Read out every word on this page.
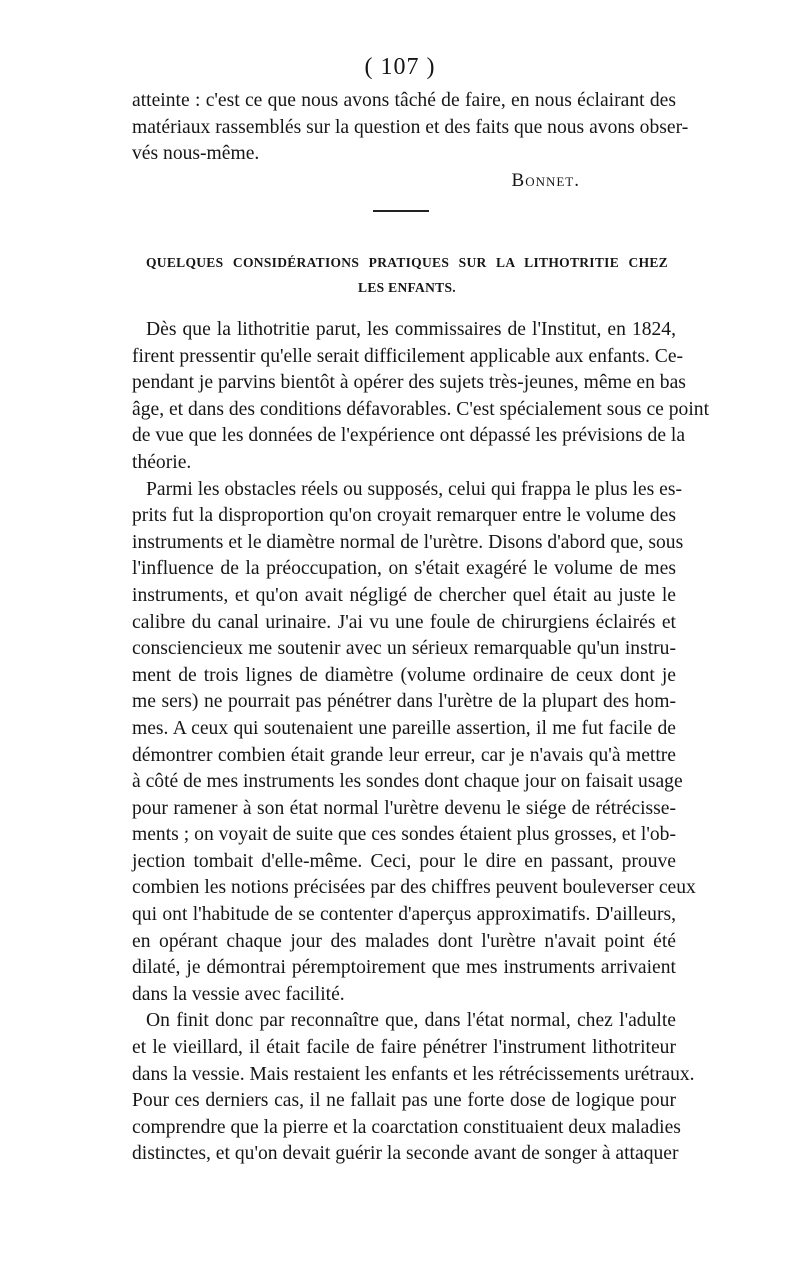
( 107 )
atteinte : c'est ce que nous avons tâché de faire, en nous éclairant des
matériaux rassemblés sur la question et des faits que nous avons obser-
vés nous-même.
Bonnet.
QUELQUES CONSIDÉRATIONS PRATIQUES SUR LA LITHOTRITIE CHEZ
LES ENFANTS.
Dès que la lithotritie parut, les commissaires de l'Institut, en 1824,
firent pressentir qu'elle serait difficilement applicable aux enfants. Ce-
pendant je parvins bientôt à opérer des sujets très-jeunes, même en bas
âge, et dans des conditions défavorables. C'est spécialement sous ce point
de vue que les données de l'expérience ont dépassé les prévisions de la
théorie.
Parmi les obstacles réels ou supposés, celui qui frappa le plus les es-
prits fut la disproportion qu'on croyait remarquer entre le volume des
instruments et le diamètre normal de l'urètre. Disons d'abord que, sous
l'influence de la préoccupation, on s'était exagéré le volume de mes
instruments, et qu'on avait négligé de chercher quel était au juste le
calibre du canal urinaire. J'ai vu une foule de chirurgiens éclairés et
consciencieux me soutenir avec un sérieux remarquable qu'un instru-
ment de trois lignes de diamètre (volume ordinaire de ceux dont je
me sers) ne pourrait pas pénétrer dans l'urètre de la plupart des hom-
mes. A ceux qui soutenaient une pareille assertion, il me fut facile de
démontrer combien était grande leur erreur, car je n'avais qu'à mettre
à côté de mes instruments les sondes dont chaque jour on faisait usage
pour ramener à son état normal l'urètre devenu le siége de rétrécisse-
ments ; on voyait de suite que ces sondes étaient plus grosses, et l'ob-
jection tombait d'elle-même. Ceci, pour le dire en passant, prouve
combien les notions précisées par des chiffres peuvent bouleverser ceux
qui ont l'habitude de se contenter d'aperçus approximatifs. D'ailleurs,
en opérant chaque jour des malades dont l'urètre n'avait point été
dilaté, je démontrai péremptoirement que mes instruments arrivaient
dans la vessie avec facilité.
On finit donc par reconnaître que, dans l'état normal, chez l'adulte
et le vieillard, il était facile de faire pénétrer l'instrument lithotriteur
dans la vessie. Mais restaient les enfants et les rétrécissements urétraux.
Pour ces derniers cas, il ne fallait pas une forte dose de logique pour
comprendre que la pierre et la coarctation constituaient deux maladies
distinctes, et qu'on devait guérir la seconde avant de songer à attaquer
